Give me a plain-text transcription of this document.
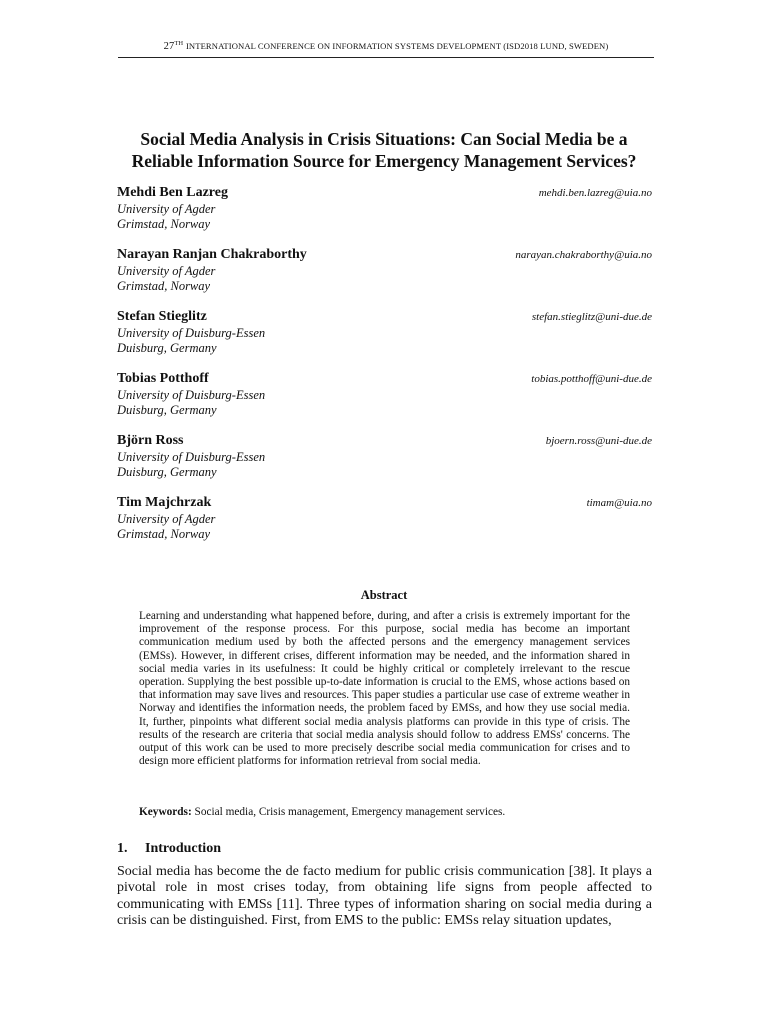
27TH INTERNATIONAL CONFERENCE ON INFORMATION SYSTEMS DEVELOPMENT (ISD2018 LUND, SWEDEN)
Social Media Analysis in Crisis Situations: Can Social Media be a
Reliable Information Source for Emergency Management Services?
Mehdi Ben Lazreg	mehdi.ben.lazreg@uia.no
University of Agder
Grimstad, Norway
Narayan Ranjan Chakraborthy	narayan.chakraborthy@uia.no
University of Agder
Grimstad, Norway
Stefan Stieglitz	stefan.stieglitz@uni-due.de
University of Duisburg-Essen
Duisburg, Germany
Tobias Potthoff	tobias.potthoff@uni-due.de
University of Duisburg-Essen
Duisburg, Germany
Björn Ross	bjoern.ross@uni-due.de
University of Duisburg-Essen
Duisburg, Germany
Tim Majchrzak	timam@uia.no
University of Agder
Grimstad, Norway
Abstract
Learning and understanding what happened before, during, and after a crisis is extremely important for the improvement of the response process. For this purpose, social media has become an important communication medium used by both the affected persons and the emergency management services (EMSs). However, in different crises, different information may be needed, and the information shared in social media varies in its usefulness: It could be highly critical or completely irrelevant to the rescue operation. Supplying the best possible up-to-date information is crucial to the EMS, whose actions based on that information may save lives and resources. This paper studies a particular use case of extreme weather in Norway and identifies the information needs, the problem faced by EMSs, and how they use social media. It, further, pinpoints what different social media analysis platforms can provide in this type of crisis. The results of the research are criteria that social media analysis should follow to address EMSs' concerns. The output of this work can be used to more precisely describe social media communication for crises and to design more efficient platforms for information retrieval from social media.
Keywords: Social media, Crisis management, Emergency management services.
1. Introduction
Social media has become the de facto medium for public crisis communication [38]. It plays a pivotal role in most crises today, from obtaining life signs from people affected to communicating with EMSs [11]. Three types of information sharing on social media during a crisis can be distinguished. First, from EMS to the public: EMSs relay situation updates,
